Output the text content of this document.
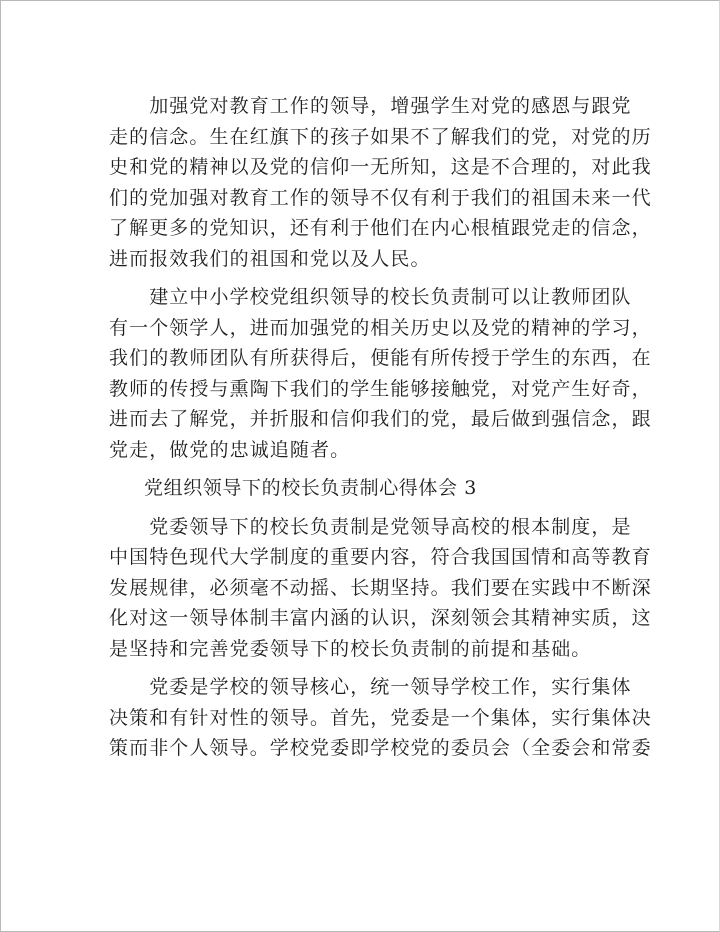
　　加强党对教育工作的领导，增强学生对党的感恩与跟党
走的信念。生在红旗下的孩子如果不了解我们的党，对党的历
史和党的精神以及党的信仰一无所知，这是不合理的，对此我
们的党加强对教育工作的领导不仅有利于我们的祖国未来一代
了解更多的党知识，还有利于他们在内心根植跟党走的信念，
进而报效我们的祖国和党以及人民。
　　建立中小学校党组织领导的校长负责制可以让教师团队
有一个领学人，进而加强党的相关历史以及党的精神的学习，
我们的教师团队有所获得后，便能有所传授于学生的东西，在
教师的传授与熏陶下我们的学生能够接触党，对党产生好奇，
进而去了解党，并折服和信仰我们的党，最后做到强信念，跟
党走，做党的忠诚追随者。
党组织领导下的校长负责制心得体会 3
　　党委领导下的校长负责制是党领导高校的根本制度，是
中国特色现代大学制度的重要内容，符合我国国情和高等教育
发展规律，必须毫不动摇、长期坚持。我们要在实践中不断深
化对这一领导体制丰富内涵的认识，深刻领会其精神实质，这
是坚持和完善党委领导下的校长负责制的前提和基础。
　　党委是学校的领导核心，统一领导学校工作，实行集体
决策和有针对性的领导。首先，党委是一个集体，实行集体决
策而非个人领导。学校党委即学校党的委员会（全委会和常委
